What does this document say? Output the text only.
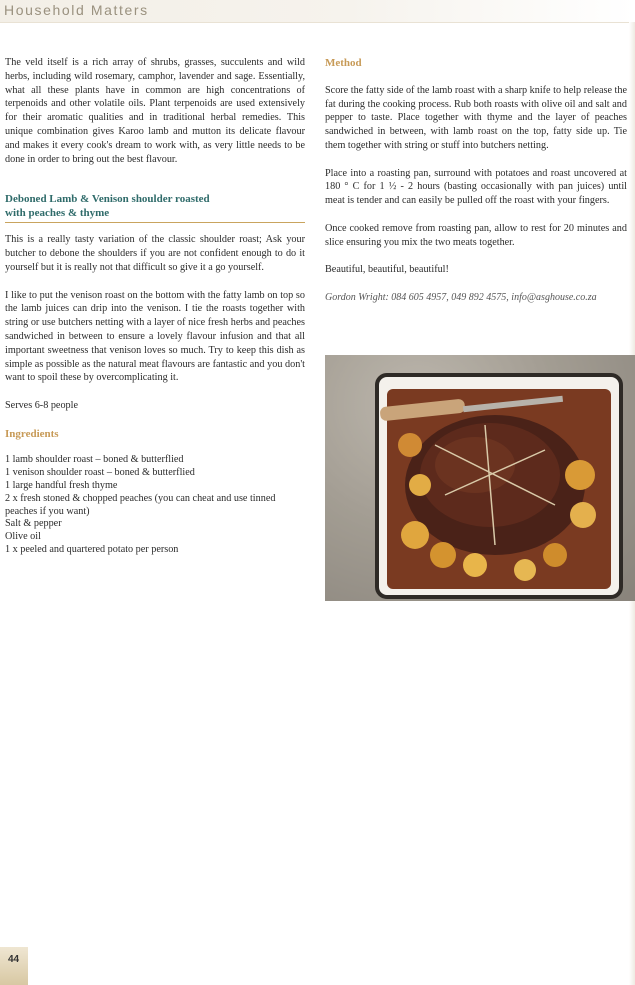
Household Matters

The veld itself is a rich array of shrubs, grasses, succulents and wild herbs, including wild rosemary, camphor, lavender and sage. Essentially, what all these plants have in common are high concentrations of terpenoids and other volatile oils. Plant terpenoids are used extensively for their aromatic qualities and in traditional herbal remedies. This unique combination gives Karoo lamb and mutton its delicate flavour and makes it every cook's dream to work with, as very little needs to be done in order to bring out the best flavour.

Deboned Lamb & Venison shoulder roasted
with peaches & thyme

This is a really tasty variation of the classic shoulder roast; Ask your butcher to debone the shoulders if you are not confident enough to do it yourself but it is really not that difficult so give it a go yourself.

I like to put the venison roast on the bottom with the fatty lamb on top so the lamb juices can drip into the venison. I tie the roasts together with string or use butchers netting with a layer of nice fresh herbs and peaches sandwiched in between to ensure a lovely flavour infusion and that all important sweetness that venison loves so much. Try to keep this dish as simple as possible as the natural meat flavours are fantastic and you don't want to spoil these by overcomplicating it.

Serves 6-8 people

Ingredients
1 lamb shoulder roast – boned & butterflied
1 venison shoulder roast – boned & butterflied
1 large handful fresh thyme
2 x fresh stoned & chopped peaches (you can cheat and use tinned peaches if you want)
Salt & pepper
Olive oil
1 x peeled and quartered potato per person
Method

Score the fatty side of the lamb roast with a sharp knife to help release the fat during the cooking process. Rub both roasts with olive oil and salt and pepper to taste. Place together with thyme and the layer of peaches sandwiched in between, with lamb roast on the top, fatty side up. Tie them together with string or stuff into butchers netting.

Place into a roasting pan, surround with potatoes and roast uncovered at 180 ° C for 1 ½ - 2 hours (basting occasionally with pan juices) until meat is tender and can easily be pulled off the roast with your fingers.

Once cooked remove from roasting pan, allow to rest for 20 minutes and slice ensuring you mix the two meats together.

Beautiful, beautiful, beautiful!

Gordon Wright: 084 605 4957, 049 892 4575, info@asghouse.co.za
44
